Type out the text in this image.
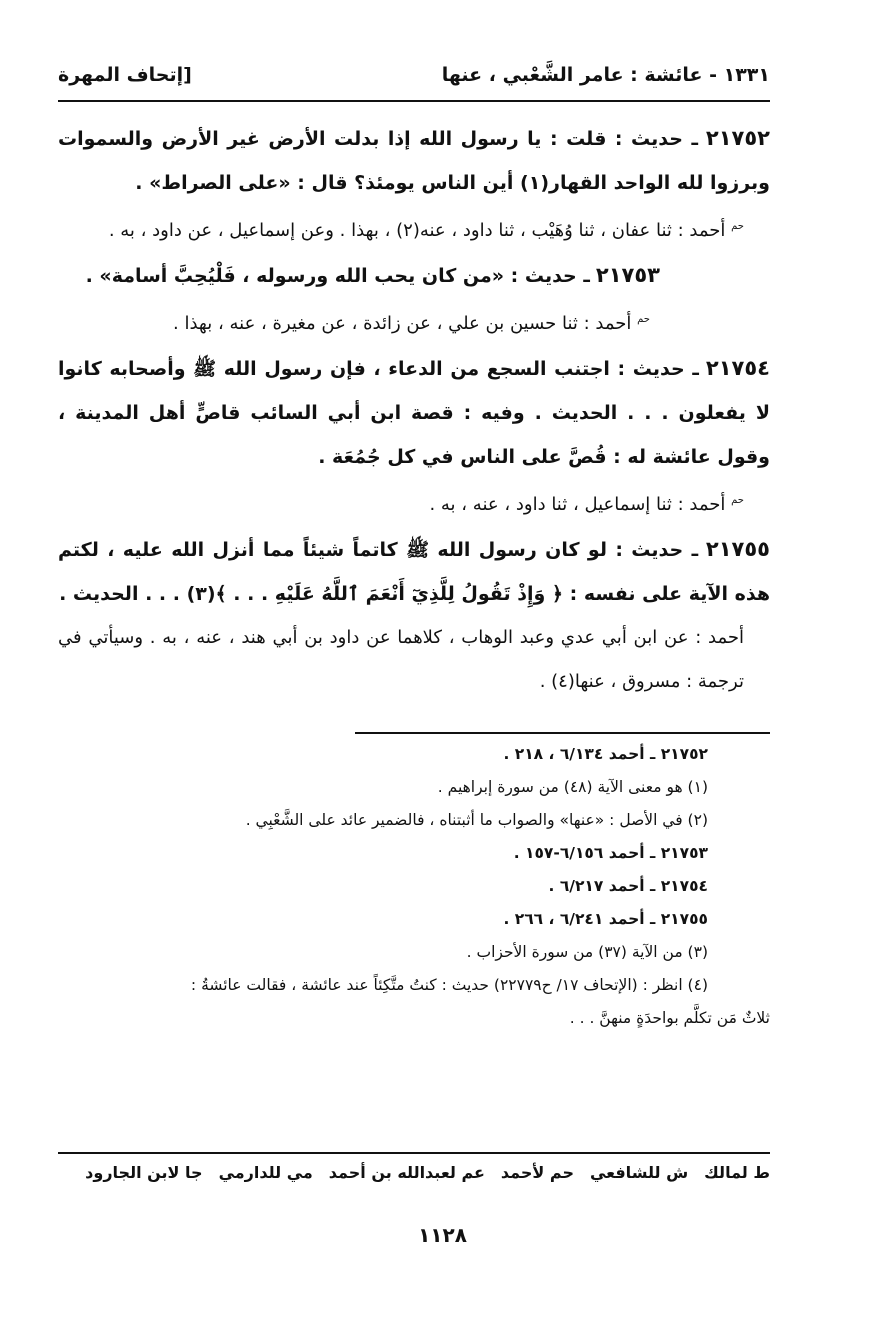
١٣٣١ - عائشة : عامر الشَّعْبي ، عنها
[إتحاف المهرة
٢١٧٥٢ ـ حديث : قلت : يا رسول الله إذا بدلت الأرض غير الأرض والسموات وبرزوا لله الواحد القهار(١) أين الناس يومئذ؟ قال : «على الصراط» .
$^{حم}$ أحمد : ثنا عفان ، ثنا وُهَيْب ، ثنا داود ، عنه(٢) ، بهذا . وعن إسماعيل ، عن داود ، به .
٢١٧٥٣ ـ حديث : «من كان يحب الله ورسوله ، فَلْيُحِبَّ أسامة» .
$^{حم}$ أحمد : ثنا حسين بن علي ، عن زائدة ، عن مغيرة ، عنه ، بهذا .
٢١٧٥٤ ـ حديث : اجتنب السجع من الدعاء ، فإن رسول الله ﷺ وأصحابه كانوا لا يفعلون . . . الحديث . وفيه : قصة ابن أبي السائب قاصٍّ أهل المدينة ، وقول عائشة له : قُصَّ على الناس في كل جُمُعَة .
$^{حم}$ أحمد : ثنا إسماعيل ، ثنا داود ، عنه ، به .
٢١٧٥٥ ـ حديث : لو كان رسول الله ﷺ كاتماً شيئاً مما أنزل الله عليه ، لكتم هذه الآية على نفسه : ﴿ وَإِذْ تَقُولُ لِلَّذِيٓ أَنْعَمَ ٱللَّهُ عَلَيْهِ . . . ﴾(٣) . . . الحديث .
أحمد : عن ابن أبي عدي وعبد الوهاب ، كلاهما عن داود بن أبي هند ، عنه ، به . وسيأتي في ترجمة : مسروق ، عنها(٤) .
٢١٧٥٢ ـ أحمد ٦/١٣٤ ، ٢١٨ .
(١) هو معنى الآية (٤٨) من سورة إبراهيم .
(٢) في الأصل : «عنها» والصواب ما أثبتناه ، فالضمير عائد على الشَّعْبِي .
٢١٧٥٣ ـ أحمد ٦/١٥٦-١٥٧ .
٢١٧٥٤ ـ أحمد ٦/٢١٧ .
٢١٧٥٥ ـ أحمد ٦/٢٤١ ، ٢٦٦ .
(٣) من الآية (٣٧) من سورة الأحزاب .
(٤) انظر : (الإتحاف ١٧/ ح٢٢٧٧٩) حديث : كنتُ متَّكِئاً عند عائشة ، فقالت عائشةُ :
ثلاثٌ مَن تكلَّم بواحدَةٍ منهنَّ . . .
ط لمالك
ش للشافعي
حم لأحمد
عم لعبدالله بن أحمد
مي للدارمي
جا لابن الجارود
١١٢٨
